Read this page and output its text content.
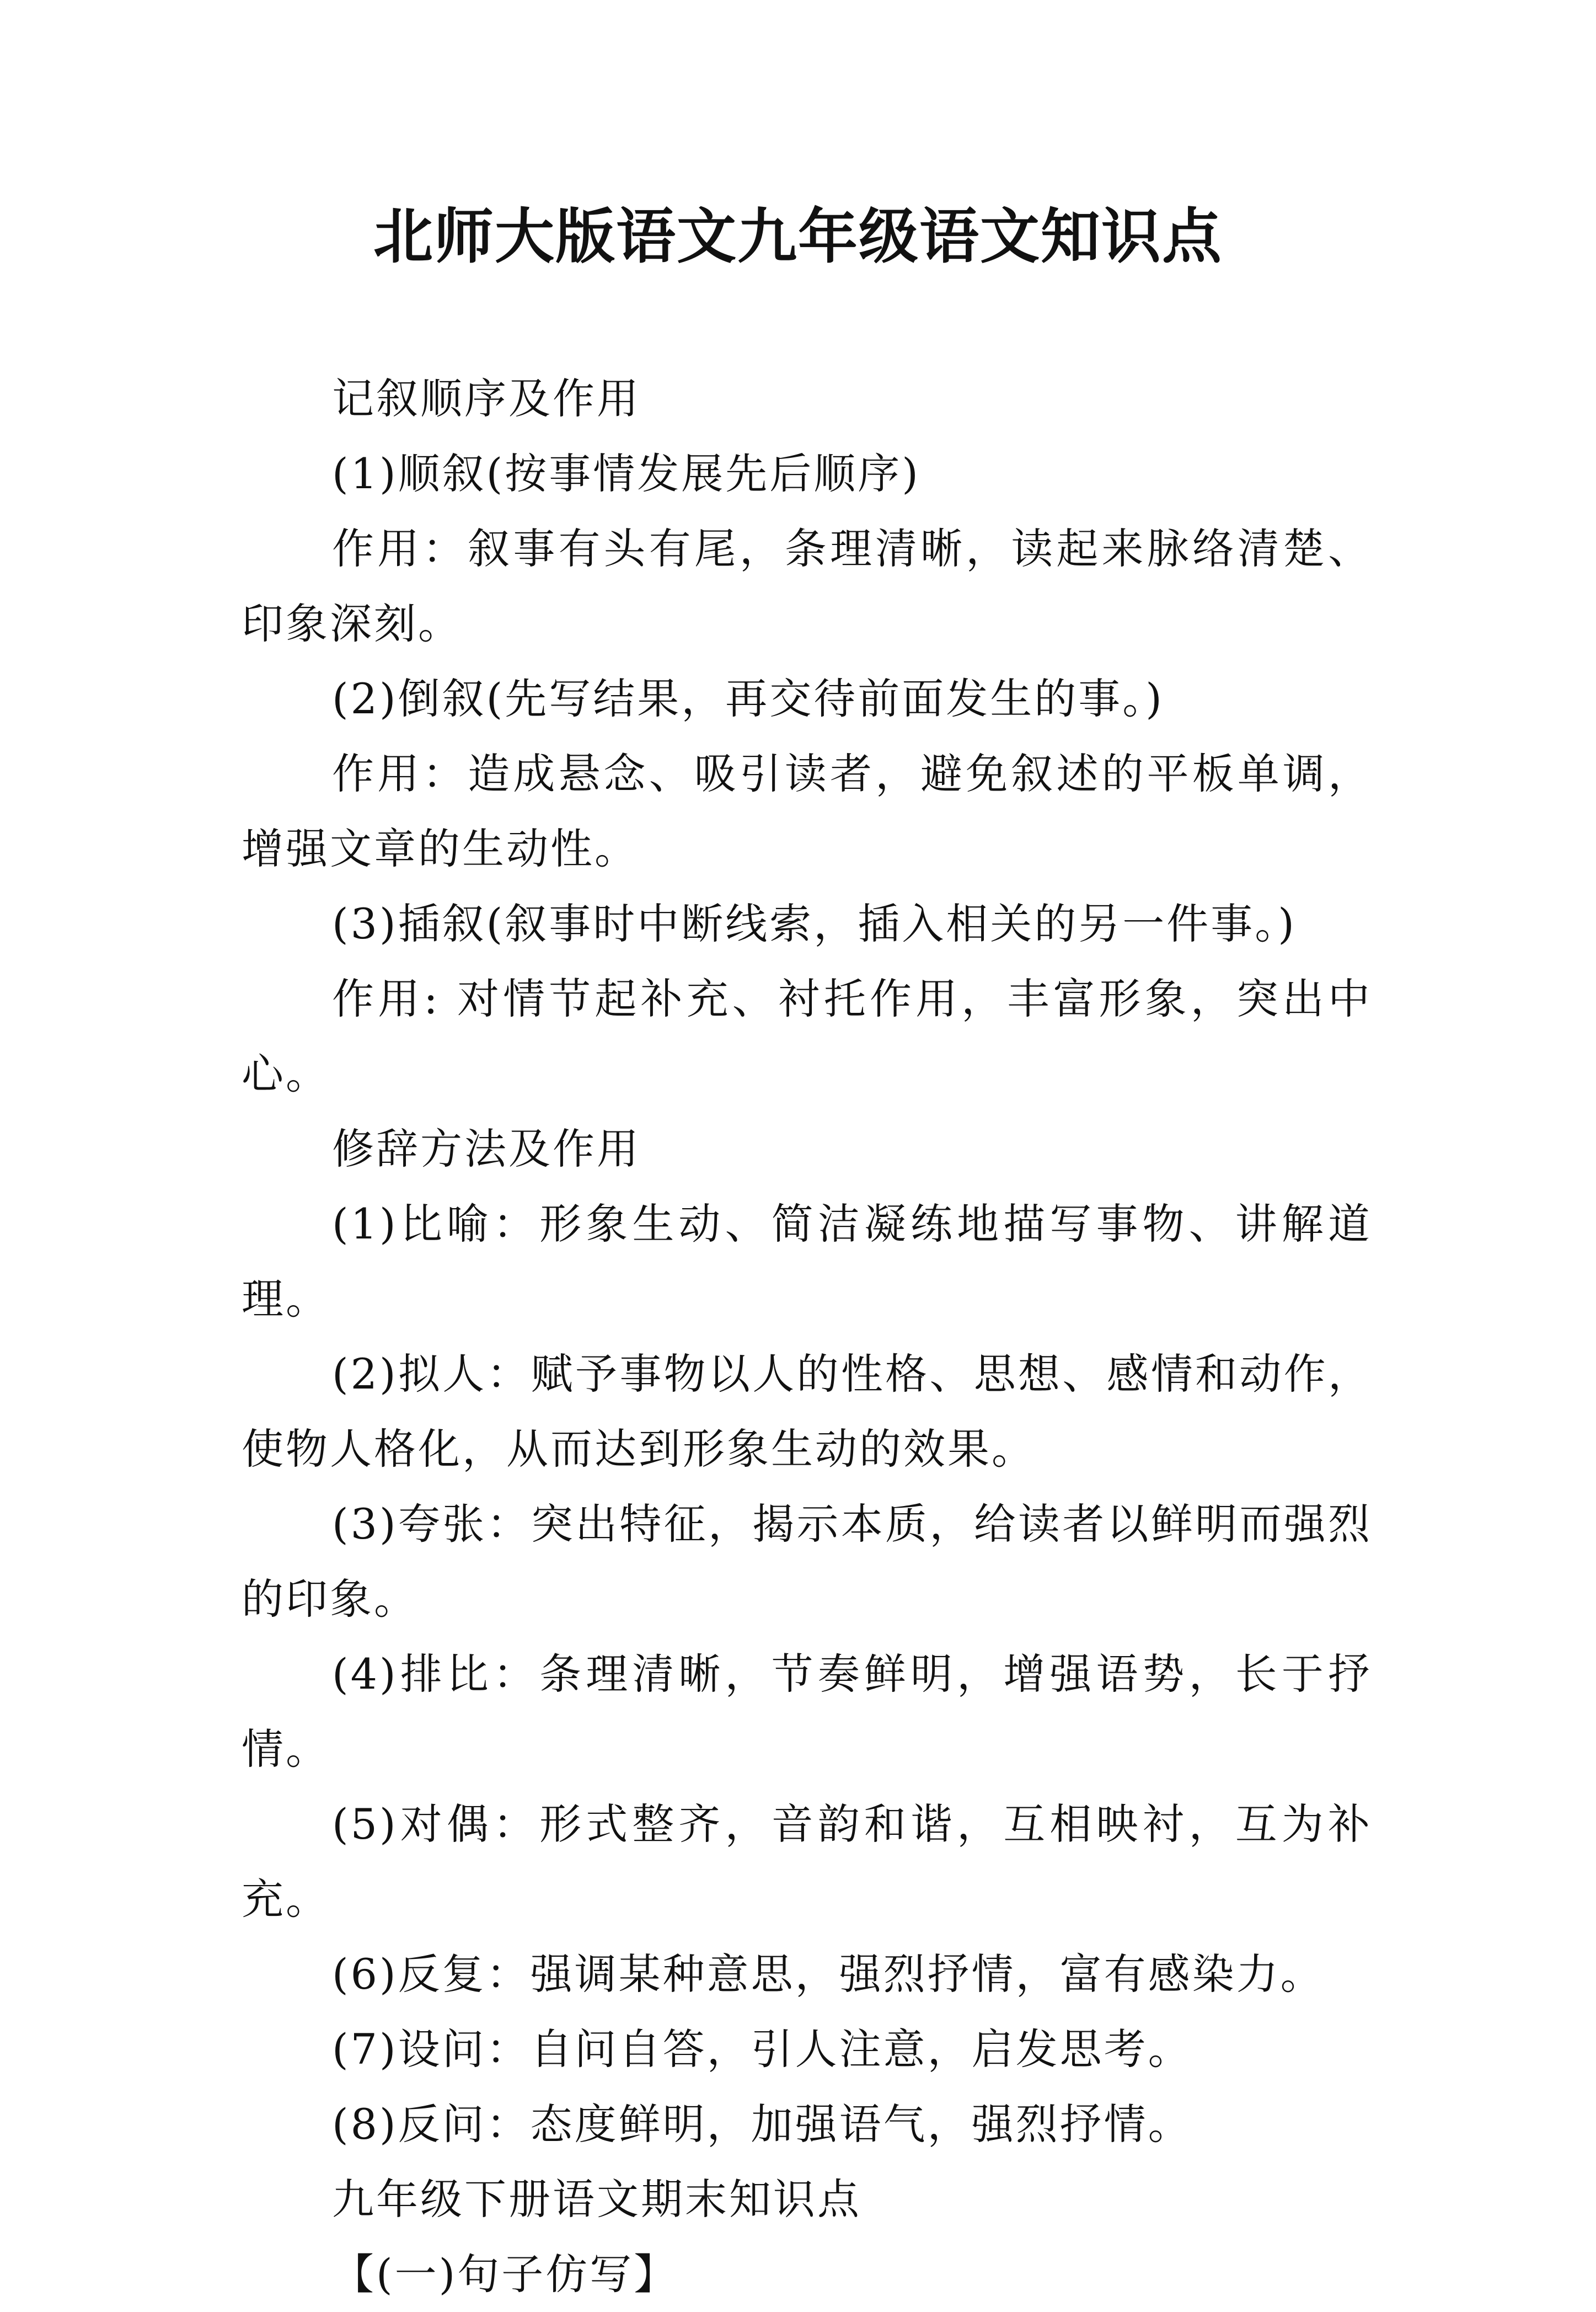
北师大版语文九年级语文知识点

记叙顺序及作用

(1)顺叙(按事情发展先后顺序)

作用：叙事有头有尾，条理清晰，读起来脉络清楚、印象深刻。

(2)倒叙(先写结果，再交待前面发生的事。)

作用：造成悬念、吸引读者，避免叙述的平板单调，增强文章的生动性。

(3)插叙(叙事时中断线索，插入相关的另一件事。)

作用: 对情节起补充、衬托作用，丰富形象，突出中心。

修辞方法及作用

(1)比喻：形象生动、简洁凝练地描写事物、讲解道理。

(2)拟人：赋予事物以人的性格、思想、感情和动作，使物人格化，从而达到形象生动的效果。

(3)夸张：突出特征，揭示本质，给读者以鲜明而强烈的印象。

(4)排比：条理清晰，节奏鲜明，增强语势，长于抒情。

(5)对偶：形式整齐，音韵和谐，互相映衬，互为补充。

(6)反复：强调某种意思，强烈抒情，富有感染力。

(7)设问：自问自答，引人注意，启发思考。

(8)反问：态度鲜明，加强语气，强烈抒情。

九年级下册语文期末知识点

【(一)句子仿写】
